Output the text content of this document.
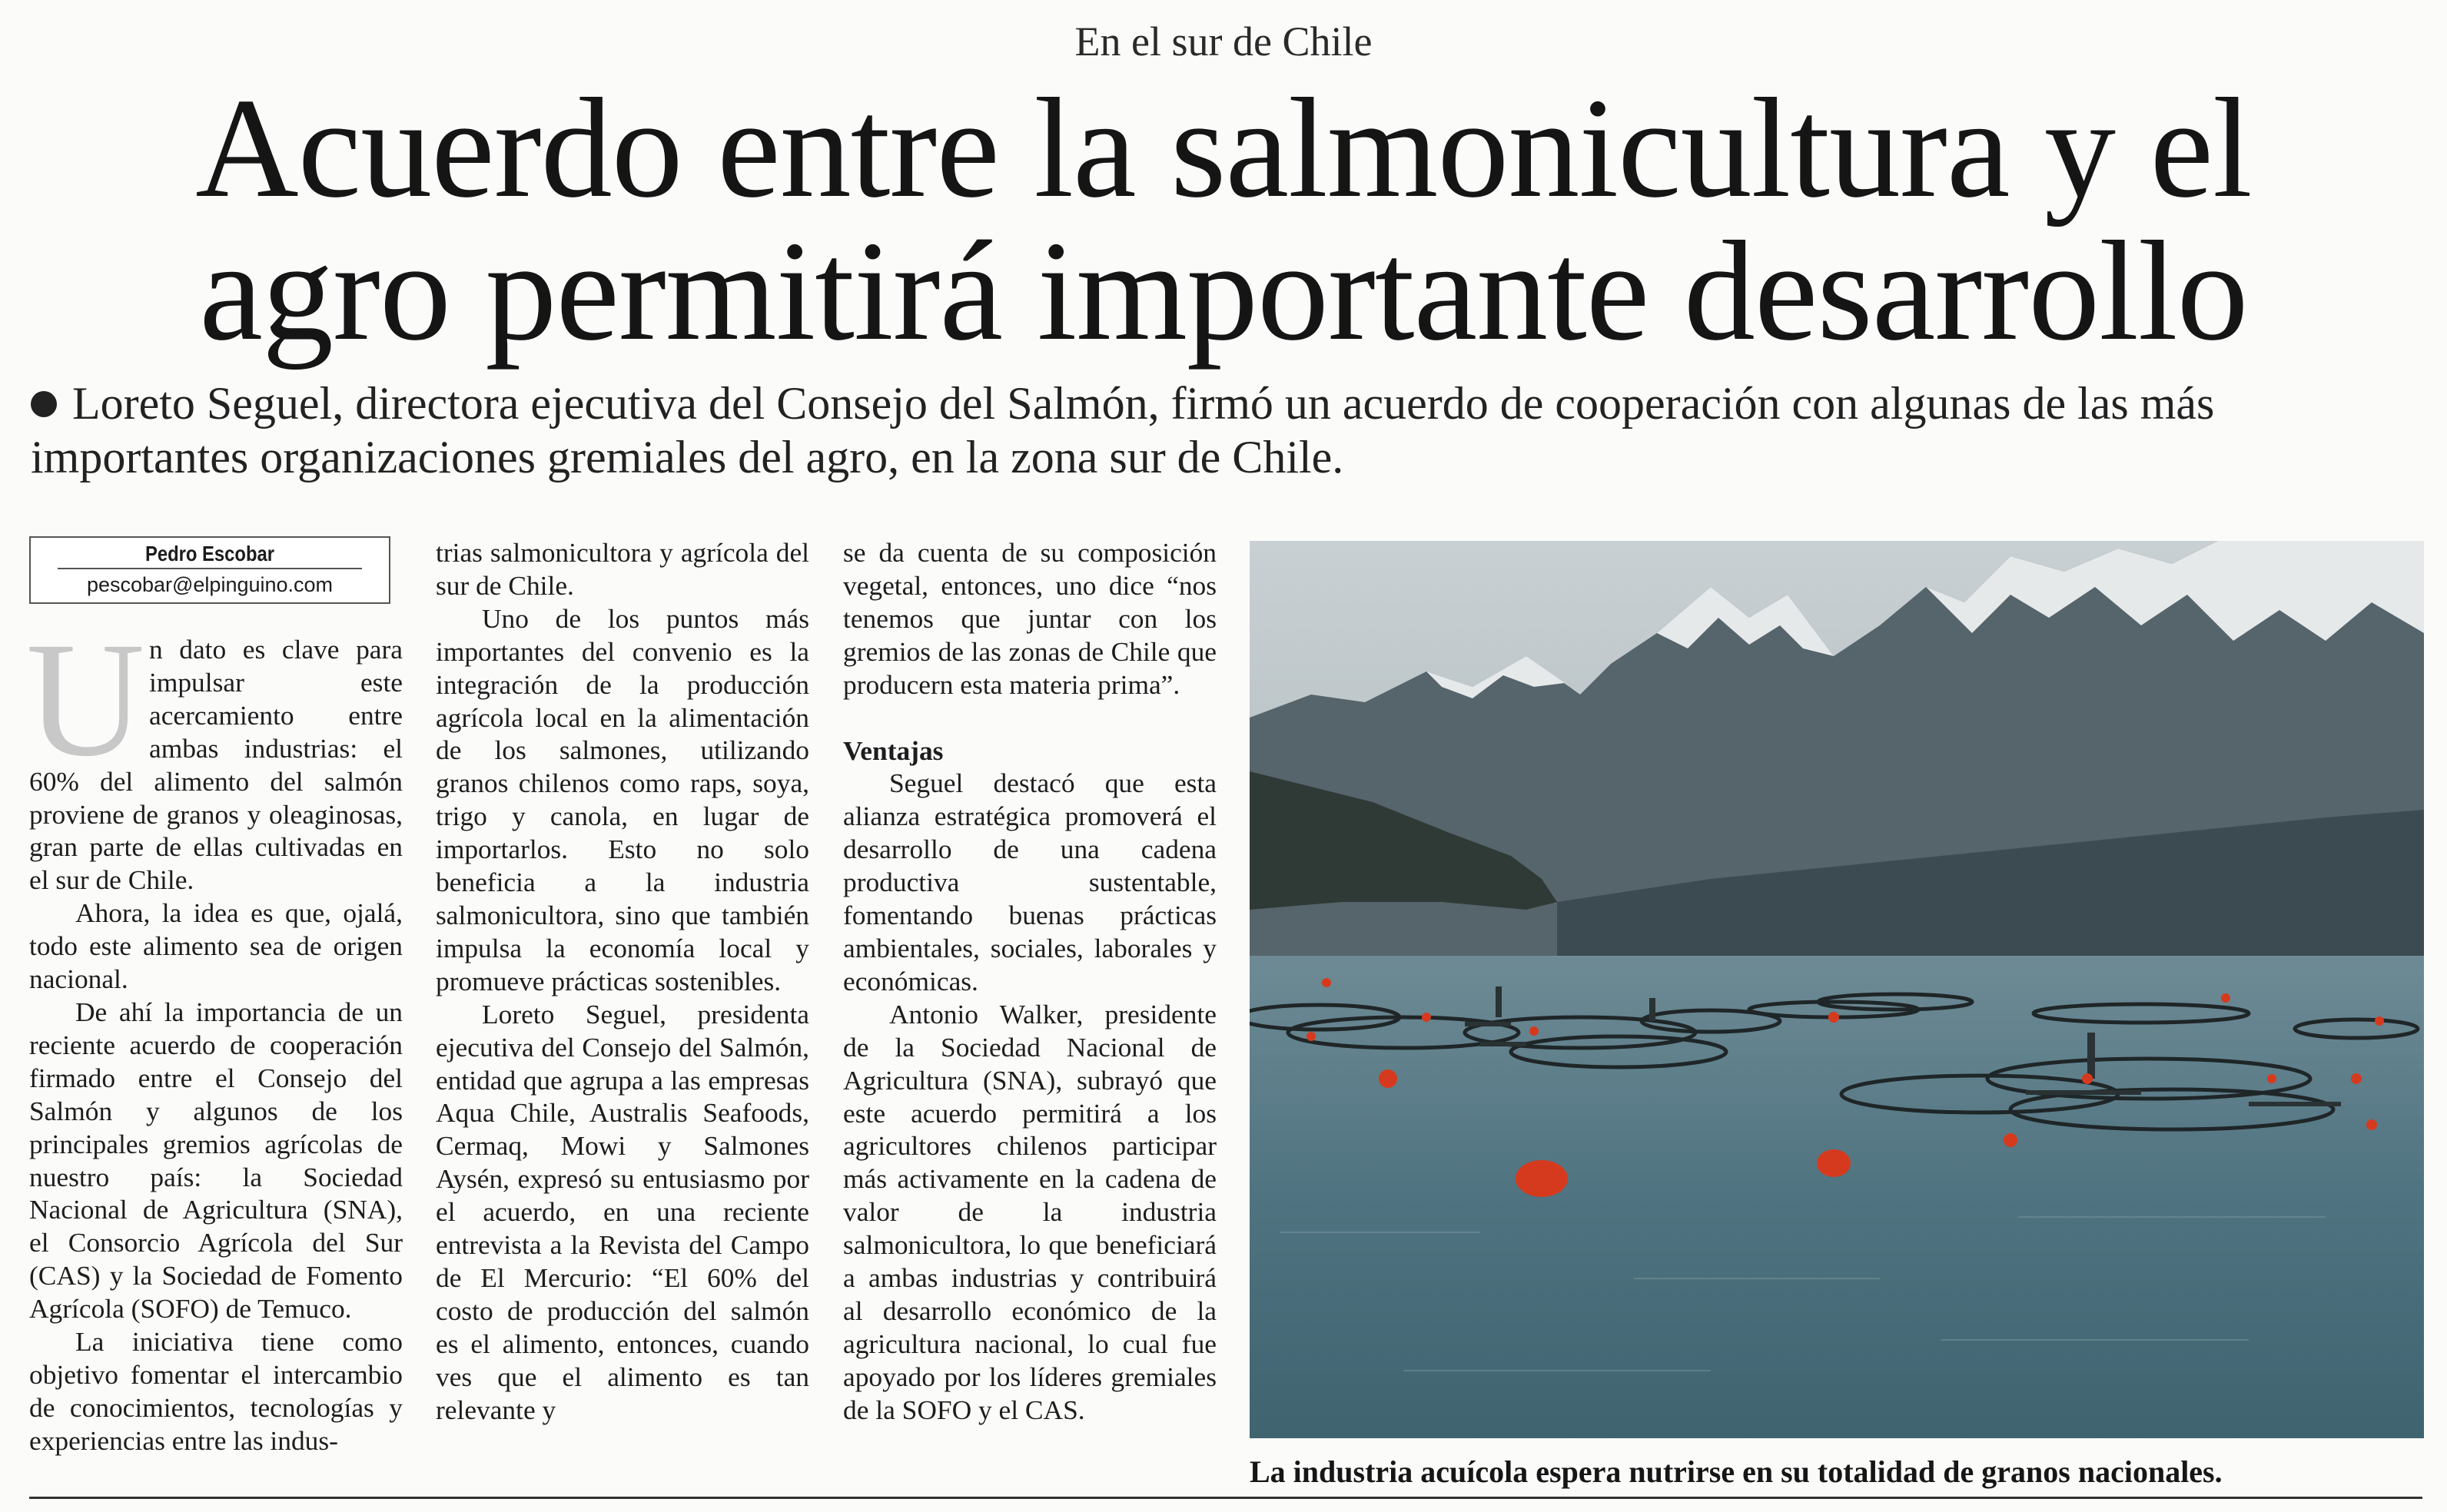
En el sur de Chile
Acuerdo entre la salmonicultura y el
agro permitirá importante desarrollo
Loreto Seguel, directora ejecutiva del Consejo del Salmón, firmó un acuerdo de cooperación con algunas de las más importantes organizaciones gremiales del agro, en la zona sur de Chile.
Pedro Escobar
pescobar@elpinguino.com
U n dato es clave para impulsar este acercamiento entre ambas industrias: el 60% del alimento del salmón proviene de granos y oleaginosas, gran parte de ellas cultivadas en el sur de Chile.

Ahora, la idea es que, ojalá, todo este alimento sea de origen nacional.

De ahí la importancia de un reciente acuerdo de cooperación firmado entre el Consejo del Salmón y algunos de los principales gremios agrícolas de nuestro país: la Sociedad Nacional de Agricultura (SNA), el Consorcio Agrícola del Sur (CAS) y la Sociedad de Fomento Agrícola (SOFO) de Temuco.

La iniciativa tiene como objetivo fomentar el intercambio de conocimientos, tecnologías y experiencias entre las indus-

trias salmonicultora y agrícola del sur de Chile.

Uno de los puntos más importantes del convenio es la integración de la producción agrícola local en la alimentación de los salmones, utilizando granos chilenos como raps, soya, trigo y canola, en lugar de importarlos. Esto no solo beneficia a la industria salmonicultora, sino que también impulsa la economía local y promueve prácticas sostenibles.

Loreto Seguel, presidenta ejecutiva del Consejo del Salmón, entidad que agrupa a las empresas Aqua Chile, Australis Seafoods, Cermaq, Mowi y Salmones Aysén, expresó su entusiasmo por el acuerdo, en una reciente entrevista a la Revista del Campo de El Mercurio: “El 60% del costo de producción del salmón es el alimento, entonces, cuando ves que el alimento es tan relevante y

se da cuenta de su composición vegetal, entonces, uno dice “nos tenemos que juntar con los gremios de las zonas de Chile que producern esta materia prima”.

Ventajas

Seguel destacó que esta alianza estratégica promoverá el desarrollo de una cadena productiva sustentable, fomentando buenas prácticas ambientales, sociales, laborales y económicas.

Antonio Walker, presidente de la Sociedad Nacional de Agricultura (SNA), subrayó que este acuerdo permitirá a los agricultores chilenos participar más activamente en la cadena de valor de la industria salmonicultora, lo que beneficiará a ambas industrias y contribuirá al desarrollo económico de la agricultura nacional, lo cual fue apoyado por los líderes gremiales de la SOFO y el CAS.

La industria acuícola espera nutrirse en su totalidad de granos nacionales.
